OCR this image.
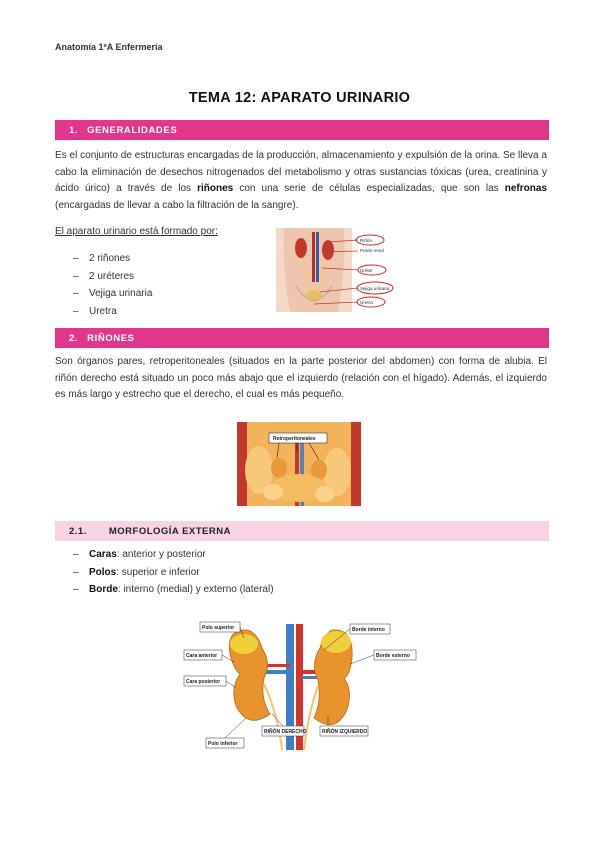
Anatomía 1ºA Enfermería
TEMA 12: APARATO URINARIO
1. GENERALIDADES
Es el conjunto de estructuras encargadas de la producción, almacenamiento y expulsión de la orina. Se lleva a cabo la eliminación de desechos nitrogenados del metabolismo y otras sustancias tóxicas (urea, creatinina y ácido úrico) a través de los riñones con una serie de células especializadas, que son las nefronas (encargadas de llevar a cabo la filtración de la sangre).
El aparato urinario está formado por:
– 2 riñones
– 2 uréteres
– Vejiga urinaria
– Uretra
Riñón
Pelvis renal
Uréter
Vejiga urinaria
Uretra
2. RIÑONES
Son órganos pares, retroperitoneales (situados en la parte posterior del abdomen) con forma de alubia. El riñón derecho está situado un poco más abajo que el izquierdo (relación con el hígado). Además, el izquierdo es más largo y estrecho que el derecho, el cual es más pequeño.
Retroperitoneales
2.1. MORFOLOGÍA EXTERNA
– Caras: anterior y posterior
– Polos: superior e inferior
– Borde: interno (medial) y externo (lateral)
Polo superior
Cara anterior
Cara posterior
Polo inferior
RIÑÓN DERECHO	RIÑÓN IZQUIERDO
Borde interno
Borde externo
